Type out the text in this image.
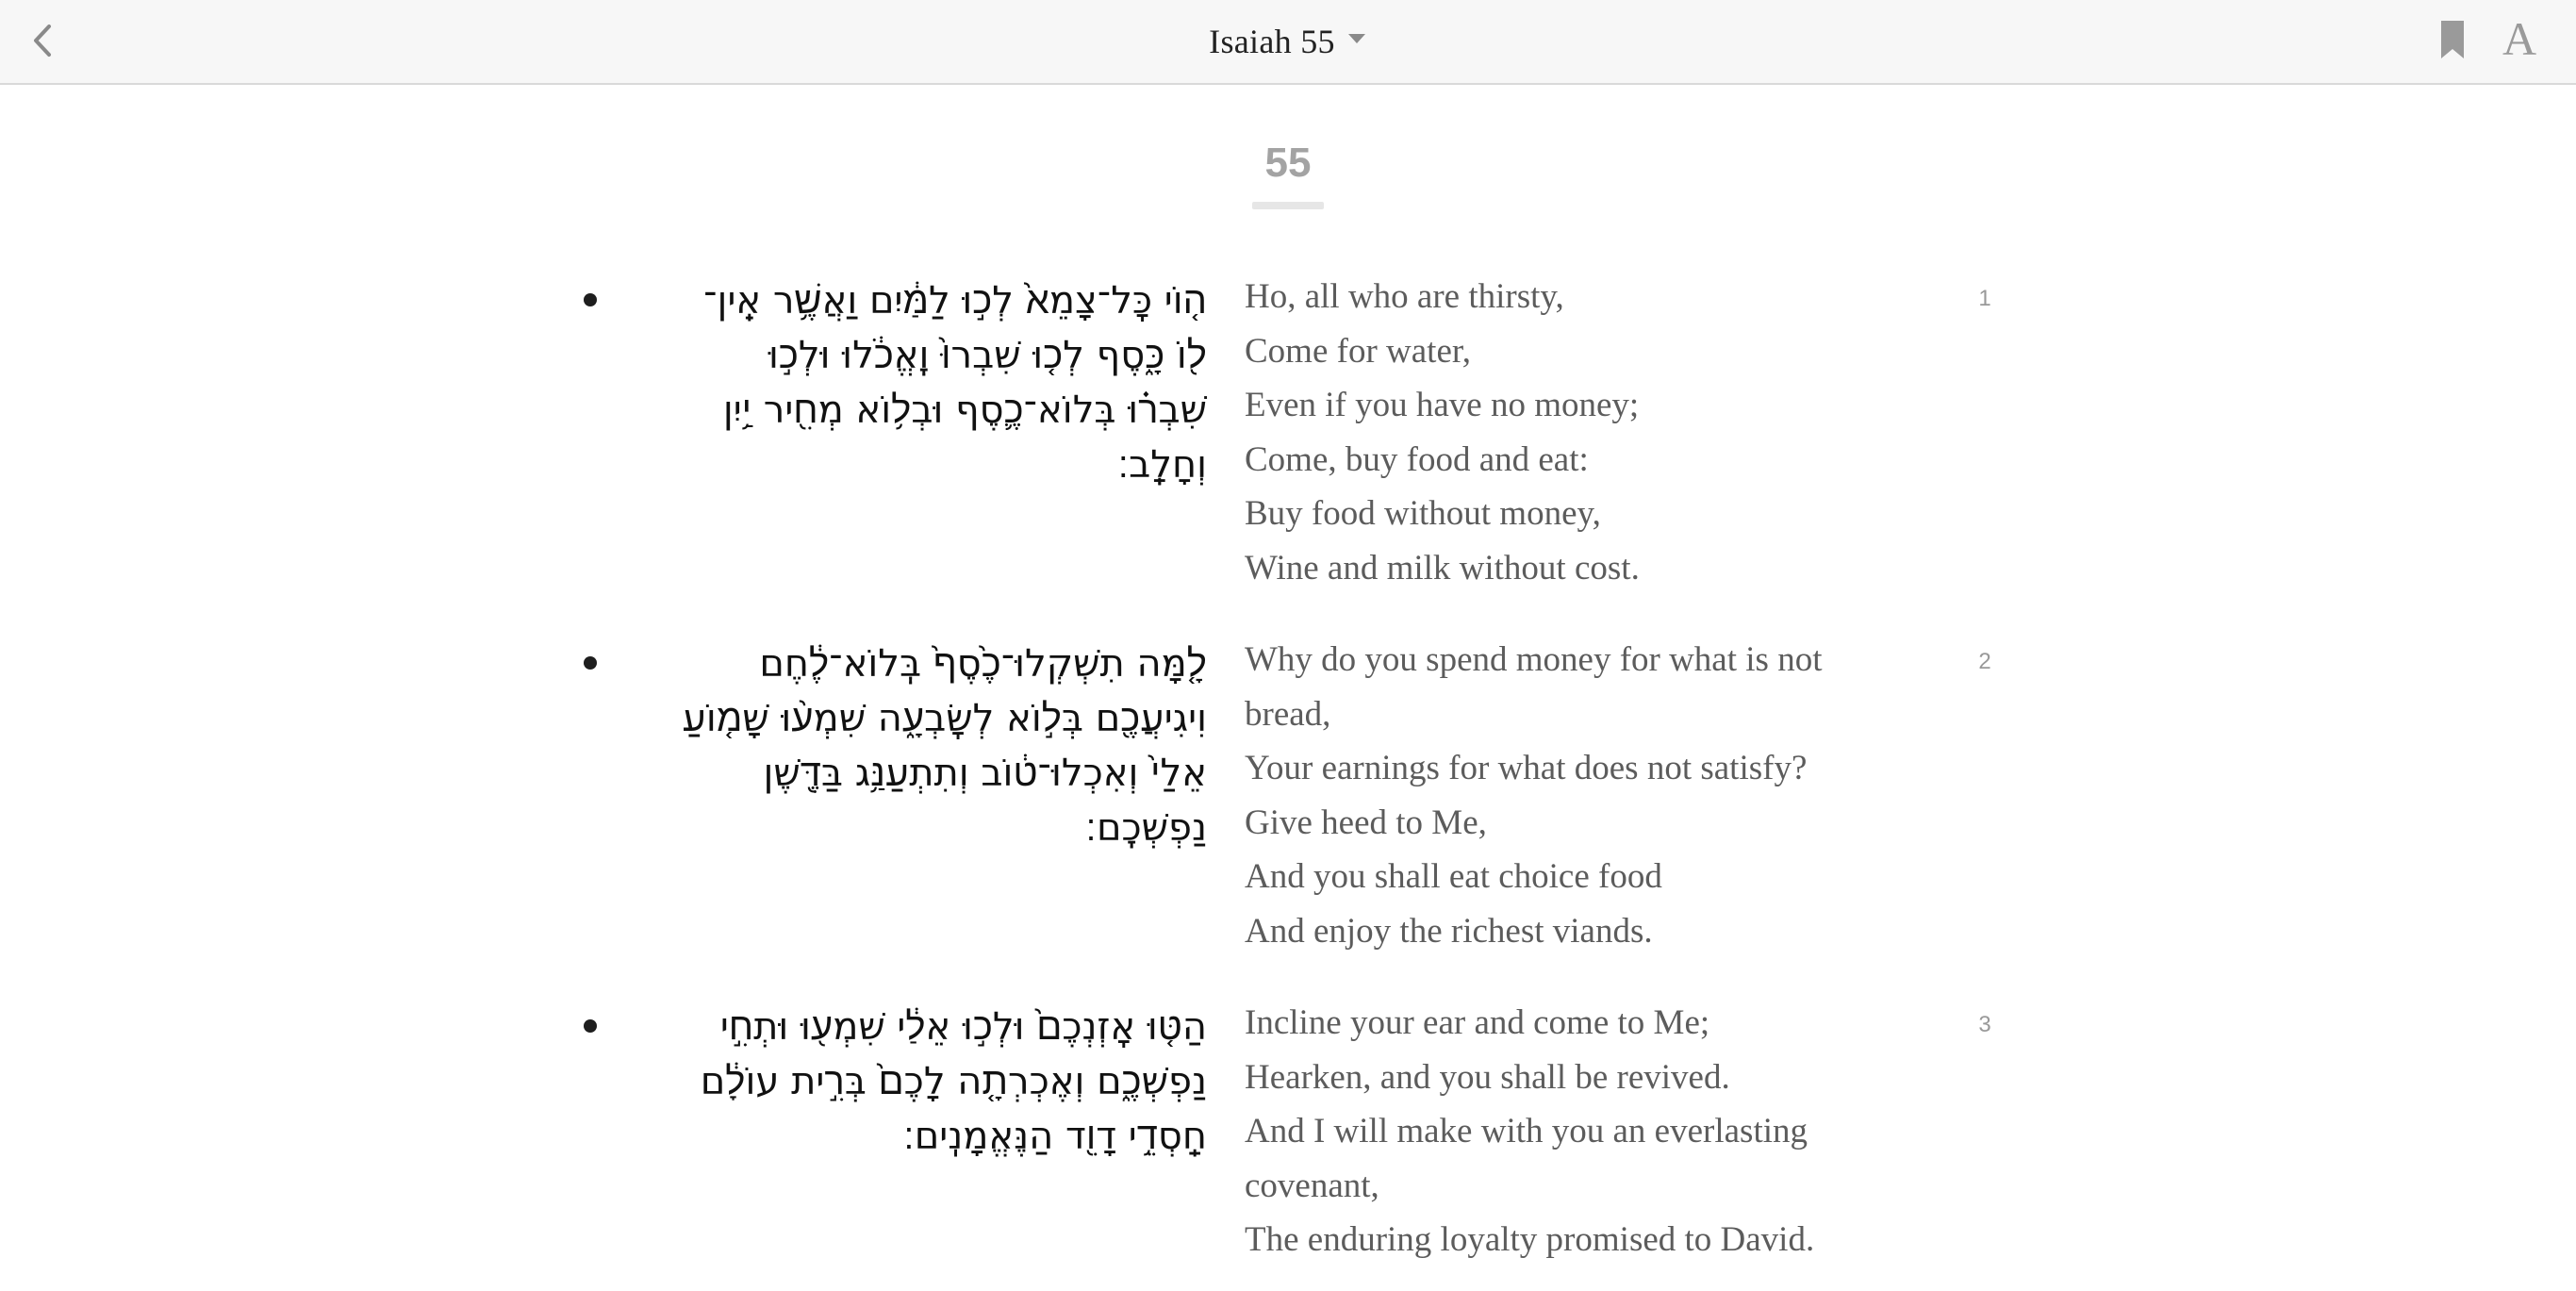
Isaiah 55	A
55
ה֤וֹי כׇּל־צָמֵא֙ לְכ֣וּ לַמַּ֔יִם וַאֲשֶׁ֥ר אֵֽין־
ל֖וֹ כָּ֑סֶף לְכ֤וּ שִׁבְרוּ֙ וֶֽאֱכֹ֔לוּ וּלְכ֣וּ
שִׁבְר֗וּ בְּלוֹא־כֶ֛סֶף וּבְל֥וֹא מְחִ֖יר יַ֥יִן
וְחָלָֽב׃
Ho, all who are thirsty,
Come for water,
Even if you have no money;
Come, buy food and eat:
Buy food without money,
Wine and milk without cost.
1
לָ֤מָּה תִשְׁקְלוּ־כֶ֙סֶף֙ בְּֽלוֹא־לֶ֔חֶם
וִיגִיעֲכֶ֖ם בְּל֣וֹא לְשׇׂבְעָ֑ה שִׁמְע֨וּ שָׁמ֤וֹעַ
אֵלַי֙ וְאִכְלוּ־ט֔וֹב וְתִתְעַנַּ֥ג בַּדֶּ֖שֶׁן
נַפְשְׁכֶֽם׃
Why do you spend money for what is not
bread,
Your earnings for what does not satisfy?
Give heed to Me,
And you shall eat choice food
And enjoy the richest viands.
2
הַטּ֤וּ אׇזְנְכֶם֙ וּלְכ֣וּ אֵלַ֔י שִׁמְע֖וּ וּתְחִ֣י
נַפְשְׁכֶ֑ם וְאֶכְרְתָ֤ה לָכֶם֙ בְּרִ֣ית עוֹלָ֔ם
חַֽסְדֵ֥י דָוִ֖ד הַנֶּאֱמָנִֽים׃
Incline your ear and come to Me;
Hearken, and you shall be revived.
And I will make with you an everlasting
covenant,
The enduring loyalty promised to David.
3
